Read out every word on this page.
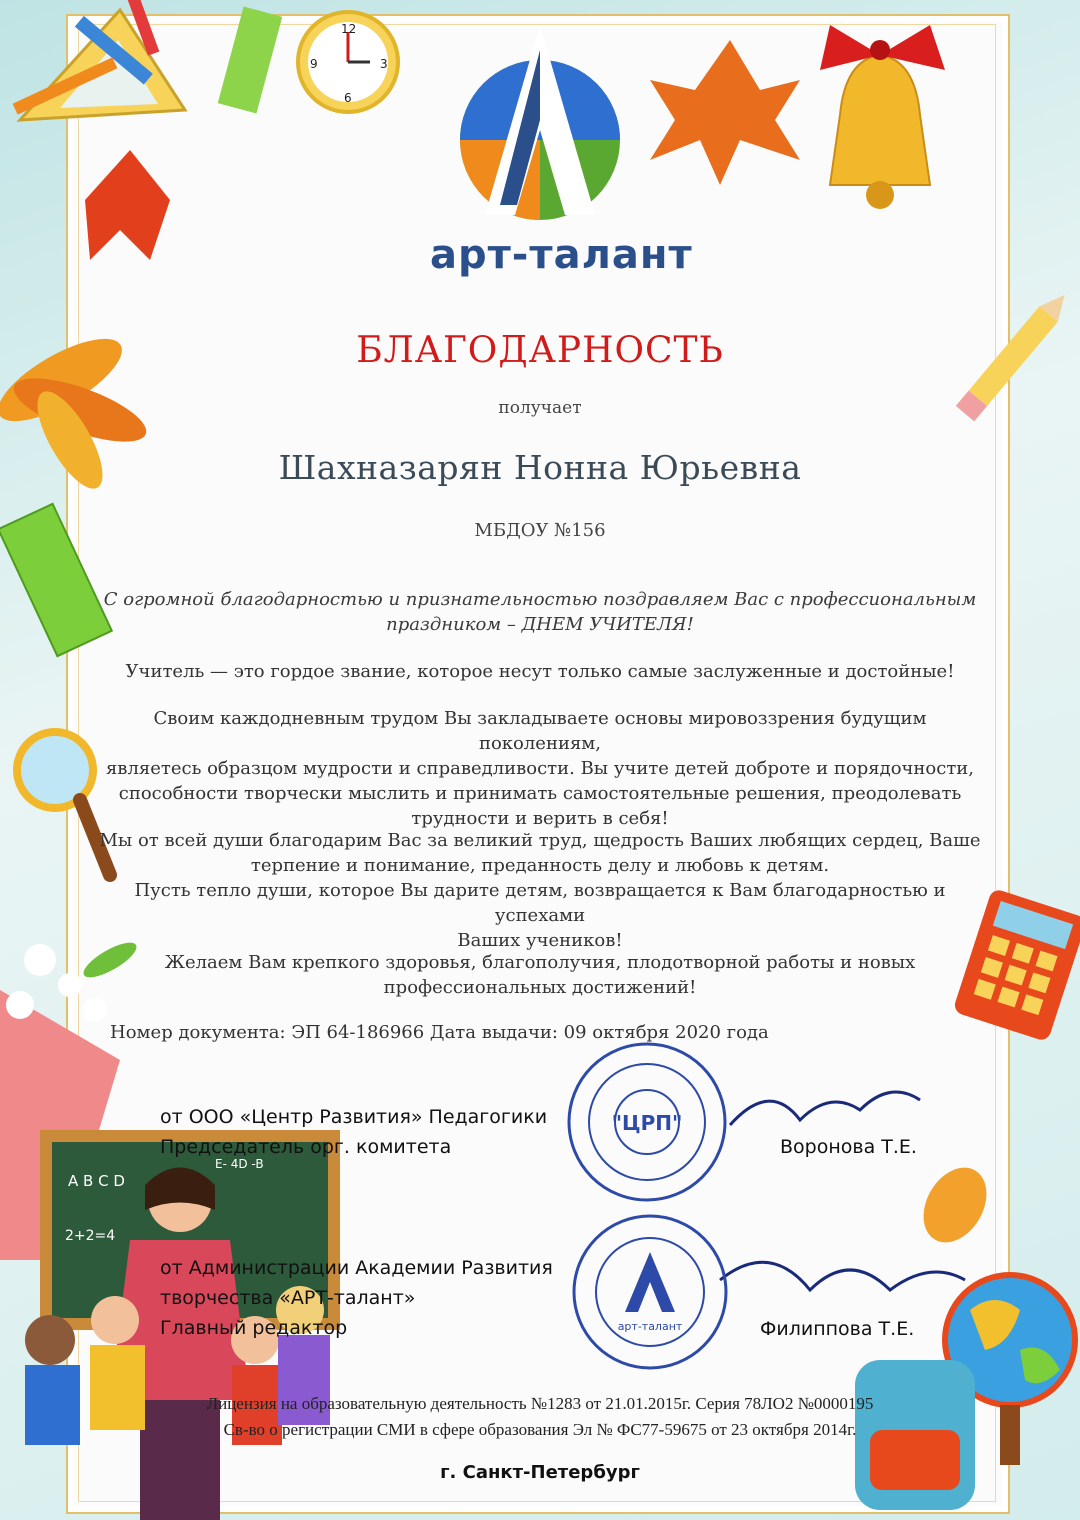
12
3
6
9
арт-талант
БЛАГОДАРНОСТЬ
получает
Шахназарян Нонна Юрьевна
МБДОУ №156
С огромной благодарностью и признательностью поздравляем Вас с профессиональным
праздником – ДНЕМ УЧИТЕЛЯ!
Учитель — это гордое звание, которое несут только самые заслуженные и достойные!
Своим каждодневным трудом Вы закладываете основы мировоззрения будущим поколениям,
являетесь образцом мудрости и справедливости. Вы учите детей доброте и порядочности,
способности творчески мыслить и принимать самостоятельные решения, преодолевать
трудности и верить в себя!
Мы от всей души благодарим Вас за великий труд, щедрость Ваших любящих сердец, Ваше
терпение и понимание, преданность делу и любовь к детям.
Пусть тепло души, которое Вы дарите детям, возвращается к Вам благодарностью и успехами
Ваших учеников!
Желаем Вам крепкого здоровья, благополучия, плодотворной работы и новых
профессиональных достижений!
Номер документа: ЭП 64-186966 Дата выдачи: 09 октября 2020 года
"ЦРП"
арт-талант
от ООО «Центр Развития» Педагогики
Председатель орг. комитета	Воронова Т.Е.
от Администрации Академии Развития
творчества «АРТ-талант»
Главный редактор	Филиппова Т.Е.
A B C D
2+2=4
E- 4D -B
Лицензия на образовательную деятельность №1283 от 21.01.2015г. Серия 78ЛО2 №0000195
Св-во о регистрации СМИ в сфере образования Эл № ФС77-59675 от 23 октября 2014г.
г. Санкт-Петербург
